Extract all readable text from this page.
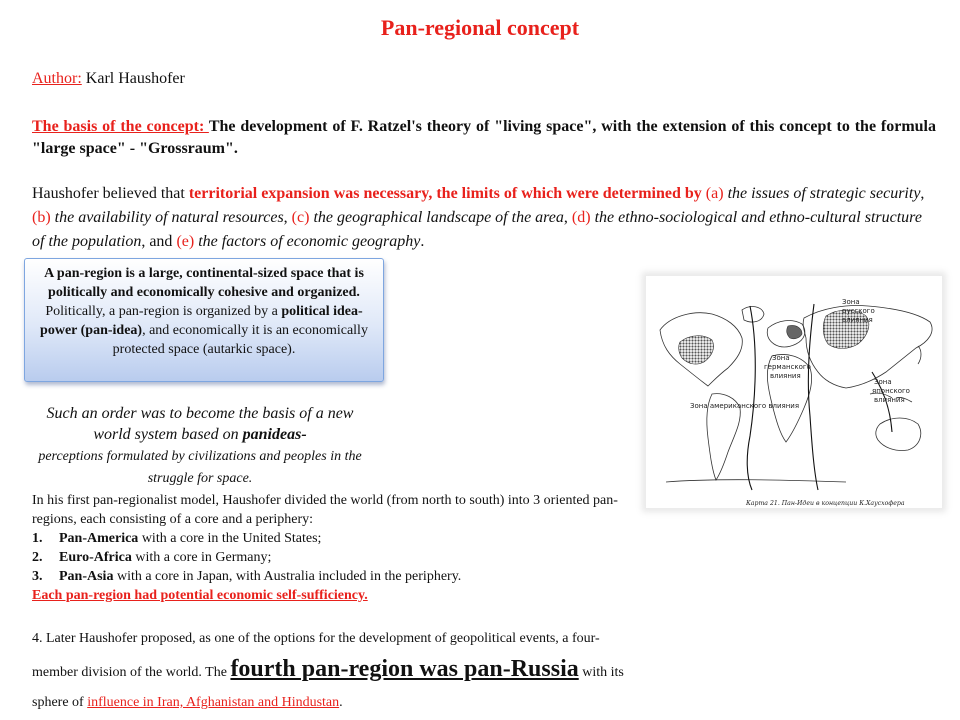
Pan-regional concept
Author: Karl Haushofer
The basis of the concept: The development of F. Ratzel's theory of "living space", with the extension of this concept to the formula "large space" - "Grossraum".
Haushofer believed that territorial expansion was necessary, the limits of which were determined by (a) the issues of strategic security, (b) the availability of natural resources, (c) the geographical landscape of the area, (d) the ethno-sociological and ethno-cultural structure of the population, and (e) the factors of economic geography.
A pan-region is a large, continental-sized space that is politically and economically cohesive and organized. Politically, a pan-region is organized by a political idea-power (pan-idea), and economically it is an economically protected space (autarkic space).
Such an order was to become the basis of a new world system based on panideas-
perceptions formulated by civilizations and peoples in the struggle for space.
In his first pan-regionalist model, Haushofer divided the world (from north to south) into 3 oriented pan-regions, each consisting of a core and a periphery:
1. Pan-America with a core in the United States;
2. Euro-Africa with a core in Germany;
3. Pan-Asia with a core in Japan, with Australia included in the periphery.
Each pan-region had potential economic self-sufficiency.
4. Later Haushofer proposed, as one of the options for the development of geopolitical events, a four-member division of the world. The fourth pan-region was pan-Russia with its sphere of influence in Iran, Afghanistan and Hindustan.
Зона
русского
влияния
Зона
германского
влияния
Зона
японского
влияния
Зона американского влияния
Карта 21. Пан-Идеи в концепции К.Хаусхофера
